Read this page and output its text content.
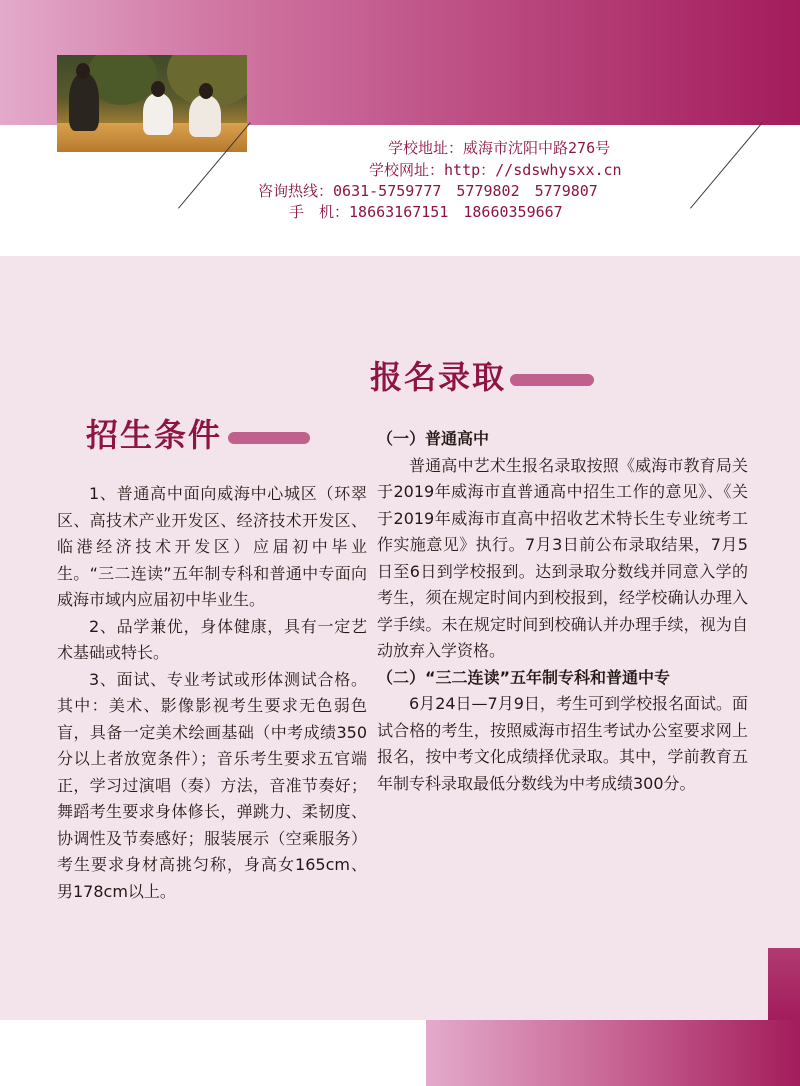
学校地址：威海市沈阳中路276号
学校网址：http：//sdswhysxx.cn
咨询热线：0631-5759777　5779802　5779807
手　机：18663167151　18660359667
报名录取
招生条件

1、普通高中面向威海中心城区（环翠区、高技术产业开发区、经济技术开发区、临港经济技术开发区）应届初中毕业生。“三二连读”五年制专科和普通中专面向威海市域内应届初中毕业生。

2、品学兼优，身体健康，具有一定艺术基础或特长。

3、面试、专业考试或形体测试合格。其中：美术、影像影视考生要求无色弱色盲，具备一定美术绘画基础（中考成绩350分以上者放宽条件）；音乐考生要求五官端正，学习过演唱（奏）方法，音准节奏好；舞蹈考生要求身体修长，弹跳力、柔韧度、协调性及节奏感好；服装展示（空乘服务）考生要求身材高挑匀称，身高女165cm、男178cm以上。

（一）普通高中

普通高中艺术生报名录取按照《威海市教育局关于2019年威海市直普通高中招生工作的意见》、《关于2019年威海市直高中招收艺术特长生专业统考工作实施意见》执行。7月3日前公布录取结果，7月5日至6日到学校报到。达到录取分数线并同意入学的考生，须在规定时间内到校报到，经学校确认办理入学手续。未在规定时间到校确认并办理手续，视为自动放弃入学资格。

（二）“三二连读”五年制专科和普通中专

6月24日—7月9日，考生可到学校报名面试。面试合格的考生，按照威海市招生考试办公室要求网上报名，按中考文化成绩择优录取。其中，学前教育五年制专科录取最低分数线为中考成绩300分。
